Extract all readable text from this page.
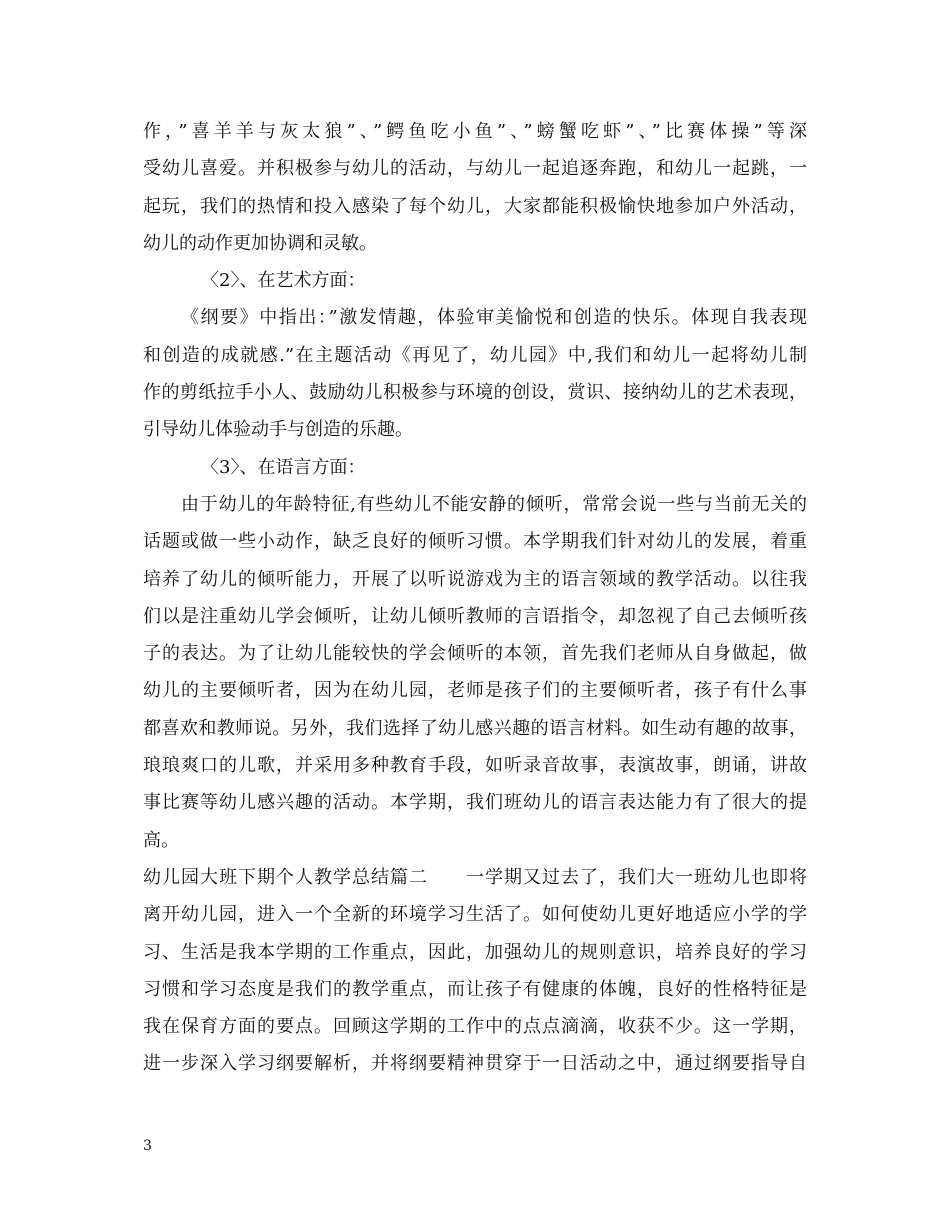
作，”喜羊羊与灰太狼”、”鳄鱼吃小鱼”、”螃蟹吃虾”、”比赛体操”等深
受幼儿喜爱。并积极参与幼儿的活动，与幼儿一起追逐奔跑，和幼儿一起跳，一
起玩，我们的热情和投入感染了每个幼儿，大家都能积极愉快地参加户外活动，
幼儿的动作更加协调和灵敏。
〈2〉、在艺术方面：
《纲要》中指出：”激发情趣，体验审美愉悦和创造的快乐。体现自我表现
和创造的成就感.”在主题活动《再见了，幼儿园》中,我们和幼儿一起将幼儿制
作的剪纸拉手小人、鼓励幼儿积极参与环境的创设，赏识、接纳幼儿的艺术表现，
引导幼儿体验动手与创造的乐趣。
〈3〉、在语言方面：
由于幼儿的年龄特征,有些幼儿不能安静的倾听，常常会说一些与当前无关的
话题或做一些小动作，缺乏良好的倾听习惯。本学期我们针对幼儿的发展，着重
培养了幼儿的倾听能力，开展了以听说游戏为主的语言领域的教学活动。以往我
们以是注重幼儿学会倾听，让幼儿倾听教师的言语指令，却忽视了自己去倾听孩
子的表达。为了让幼儿能较快的学会倾听的本领，首先我们老师从自身做起，做
幼儿的主要倾听者，因为在幼儿园，老师是孩子们的主要倾听者，孩子有什么事
都喜欢和教师说。另外，我们选择了幼儿感兴趣的语言材料。如生动有趣的故事，
琅琅爽口的儿歌，并采用多种教育手段，如听录音故事，表演故事，朗诵，讲故
事比赛等幼儿感兴趣的活动。本学期，我们班幼儿的语言表达能力有了很大的提
高。
幼儿园大班下期个人教学总结篇二　　一学期又过去了，我们大一班幼儿也即将
离开幼儿园，进入一个全新的环境学习生活了。如何使幼儿更好地适应小学的学
习、生活是我本学期的工作重点，因此，加强幼儿的规则意识，培养良好的学习
习惯和学习态度是我们的教学重点，而让孩子有健康的体魄，良好的性格特征是
我在保育方面的要点。回顾这学期的工作中的点点滴滴，收获不少。这一学期，
进一步深入学习纲要解析，并将纲要精神贯穿于一日活动之中，通过纲要指导自
3
